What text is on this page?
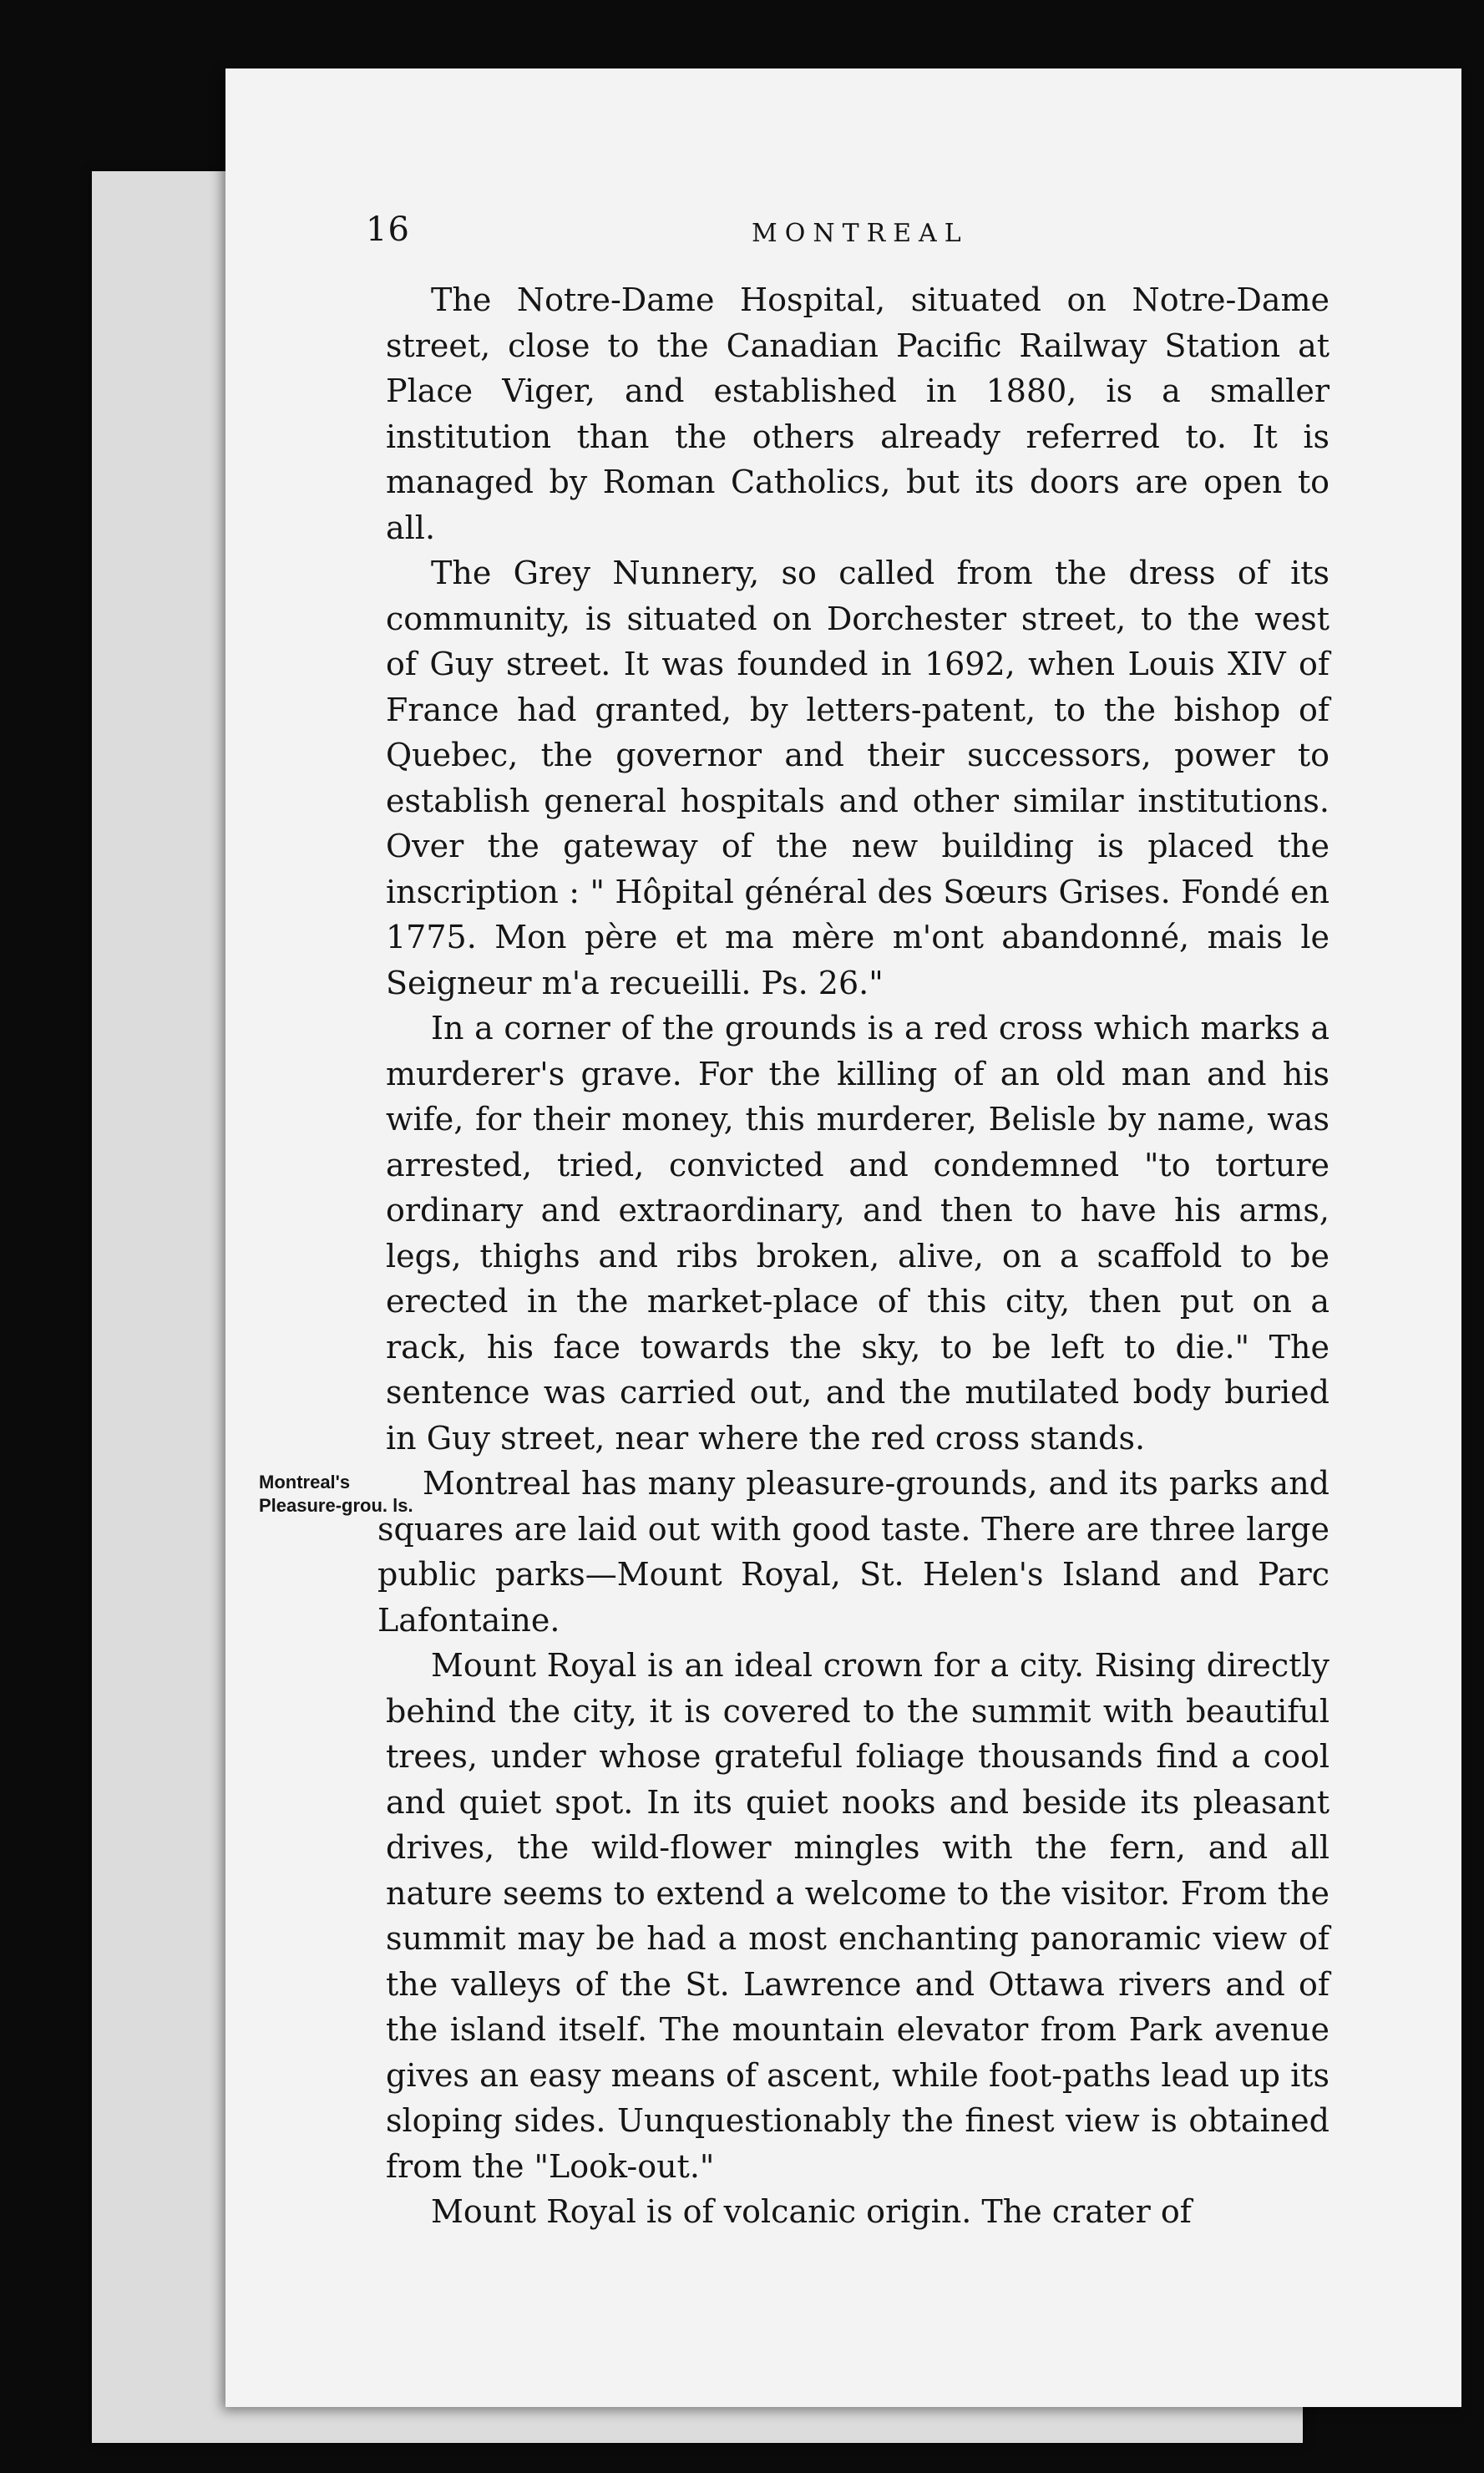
16	MONTREAL

The Notre-Dame Hospital, situated on Notre-Dame street, close to the Canadian Pacific Railway Station at Place Viger, and established in 1880, is a smaller institution than the others already referred to. It is managed by Roman Catholics, but its doors are open to all.

The Grey Nunnery, so called from the dress of its community, is situated on Dorchester street, to the west of Guy street. It was founded in 1692, when Louis XIV of France had granted, by letters-patent, to the bishop of Quebec, the governor and their successors, power to establish general hospitals and other similar institutions. Over the gateway of the new building is placed the inscription : " Hôpital général des Sœurs Grises. Fondé en 1775. Mon père et ma mère m'ont abandonné, mais le Seigneur m'a recueilli. Ps. 26."

In a corner of the grounds is a red cross which marks a murderer's grave. For the killing of an old man and his wife, for their money, this murderer, Belisle by name, was arrested, tried, convicted and condemned "to torture ordinary and extraordinary, and then to have his arms, legs, thighs and ribs broken, alive, on a scaffold to be erected in the market-place of this city, then put on a rack, his face towards the sky, to be left to die." The sentence was carried out, and the mutilated body buried in Guy street, near where the red cross stands.

Montreal's
Pleasure-grou. ls.
Montreal has many pleasure-grounds, and its parks and squares are laid out with good taste. There are three large public parks—Mount Royal, St. Helen's Island and Parc Lafontaine.

Mount Royal is an ideal crown for a city. Rising directly behind the city, it is covered to the summit with beautiful trees, under whose grateful foliage thousands find a cool and quiet spot. In its quiet nooks and beside its pleasant drives, the wild-flower mingles with the fern, and all nature seems to extend a welcome to the visitor. From the summit may be had a most enchanting panoramic view of the valleys of the St. Lawrence and Ottawa rivers and of the island itself. The mountain elevator from Park avenue gives an easy means of ascent, while foot-paths lead up its sloping sides. Uunquestionably the finest view is obtained from the "Look-out."

Mount Royal is of volcanic origin. The crater of
